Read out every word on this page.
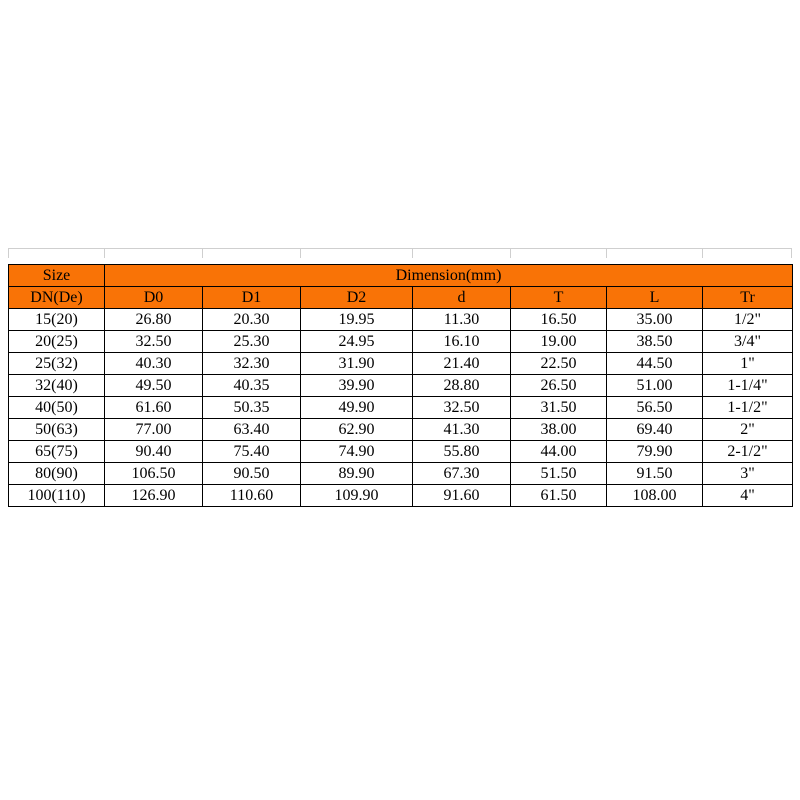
Size	Dimension(mm)						
DN(De)	D0	D1	D2	d	T	L	Tr
15(20)	26.80	20.30	19.95	11.30	16.50	35.00	1/2"
20(25)	32.50	25.30	24.95	16.10	19.00	38.50	3/4"
25(32)	40.30	32.30	31.90	21.40	22.50	44.50	1"
32(40)	49.50	40.35	39.90	28.80	26.50	51.00	1-1/4"
40(50)	61.60	50.35	49.90	32.50	31.50	56.50	1-1/2"
50(63)	77.00	63.40	62.90	41.30	38.00	69.40	2"
65(75)	90.40	75.40	74.90	55.80	44.00	79.90	2-1/2"
80(90)	106.50	90.50	89.90	67.30	51.50	91.50	3"
100(110)	126.90	110.60	109.90	91.60	61.50	108.00	4"
